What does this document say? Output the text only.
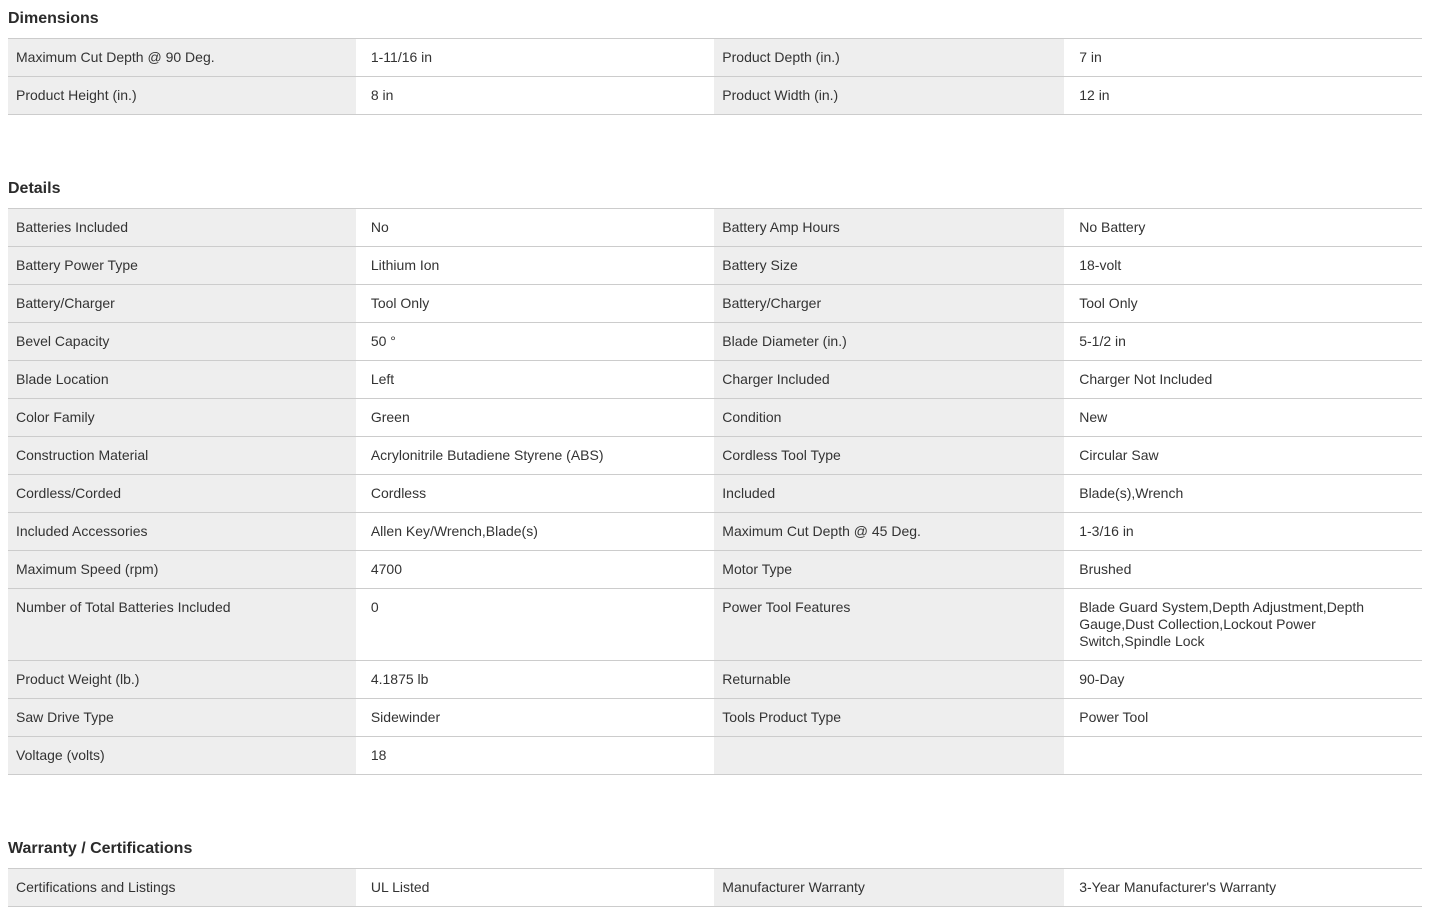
Dimensions
Maximum Cut Depth @ 90 Deg.	1-11/16 in	Product Depth (in.)	7 in
Product Height (in.)	8 in	Product Width (in.)	12 in
Details
Batteries Included	No	Battery Amp Hours	No Battery
Battery Power Type	Lithium Ion	Battery Size	18-volt
Battery/Charger	Tool Only	Battery/Charger	Tool Only
Bevel Capacity	50 °	Blade Diameter (in.)	5-1/2 in
Blade Location	Left	Charger Included	Charger Not Included
Color Family	Green	Condition	New
Construction Material	Acrylonitrile Butadiene Styrene (ABS)	Cordless Tool Type	Circular Saw
Cordless/Corded	Cordless	Included	Blade(s),Wrench
Included Accessories	Allen Key/Wrench,Blade(s)	Maximum Cut Depth @ 45 Deg.	1-3/16 in
Maximum Speed (rpm)	4700	Motor Type	Brushed
Number of Total Batteries Included	0	Power Tool Features	Blade Guard System,Depth Adjustment,Depth Gauge,Dust Collection,Lockout Power Switch,Spindle Lock
Product Weight (lb.)	4.1875 lb	Returnable	90-Day
Saw Drive Type	Sidewinder	Tools Product Type	Power Tool
Voltage (volts)	18
Warranty / Certifications
Certifications and Listings	UL Listed	Manufacturer Warranty	3-Year Manufacturer's Warranty
